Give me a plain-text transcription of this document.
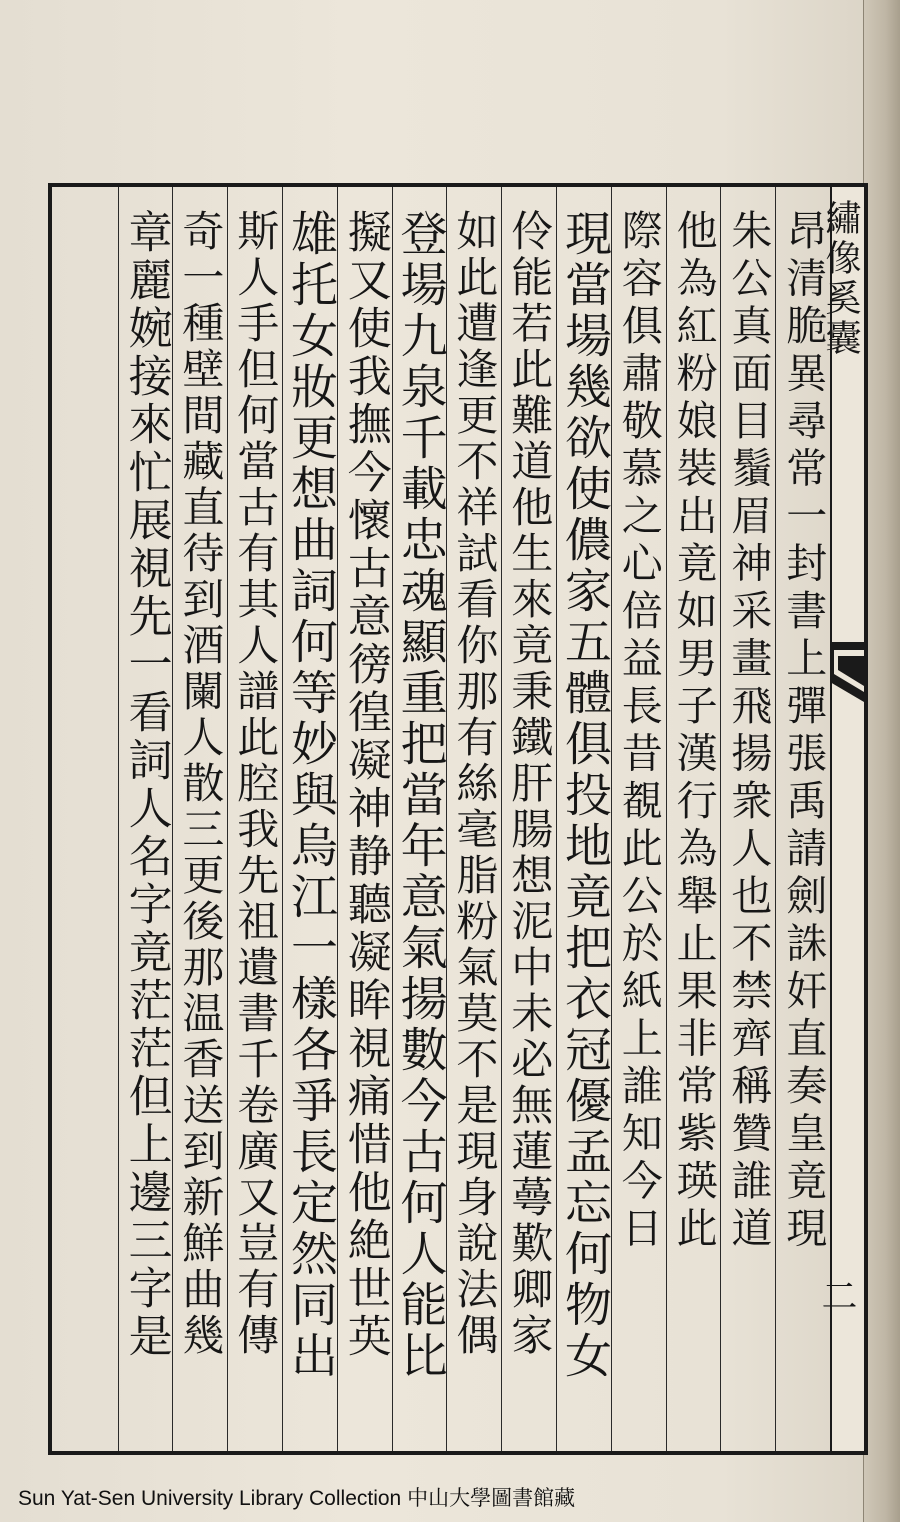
繡像奚囊
二
昂清脆異尋常一封書上彈張禹請劍誅奸直奏皇竟現
朱公真面目鬚眉神采畫飛揚衆人也不禁齊稱贊誰道
他為紅粉娘裝出竟如男子漢行為舉止果非常紫瑛此
際容俱肅敬慕之心倍益長昔覩此公於紙上誰知今日
現當場幾欲使儂家五體俱投地竟把衣冠優孟忘何物女
伶能若此難道他生來竟秉鐵肝腸想泥中未必無蓮蕚歎卿家
如此遭逢更不祥試看你那有絲毫脂粉氣莫不是現身說法偶
登場九泉千載忠魂顯重把當年意氣揚數今古何人能比
擬又使我撫今懷古意徬徨凝神静聽凝眸視痛惜他絶世英
雄托女妝更想曲詞何等妙與烏江一樣各爭長定然同出
斯人手但何當古有其人譜此腔我先祖遺書千卷廣又豈有傳
奇一種壁間藏直待到酒闌人散三更後那温香送到新鮮曲幾
章麗婉接來忙展視先一看詞人名字竟茫茫但上邊三字是
Sun Yat-Sen University Library Collection 中山大學圖書館藏
